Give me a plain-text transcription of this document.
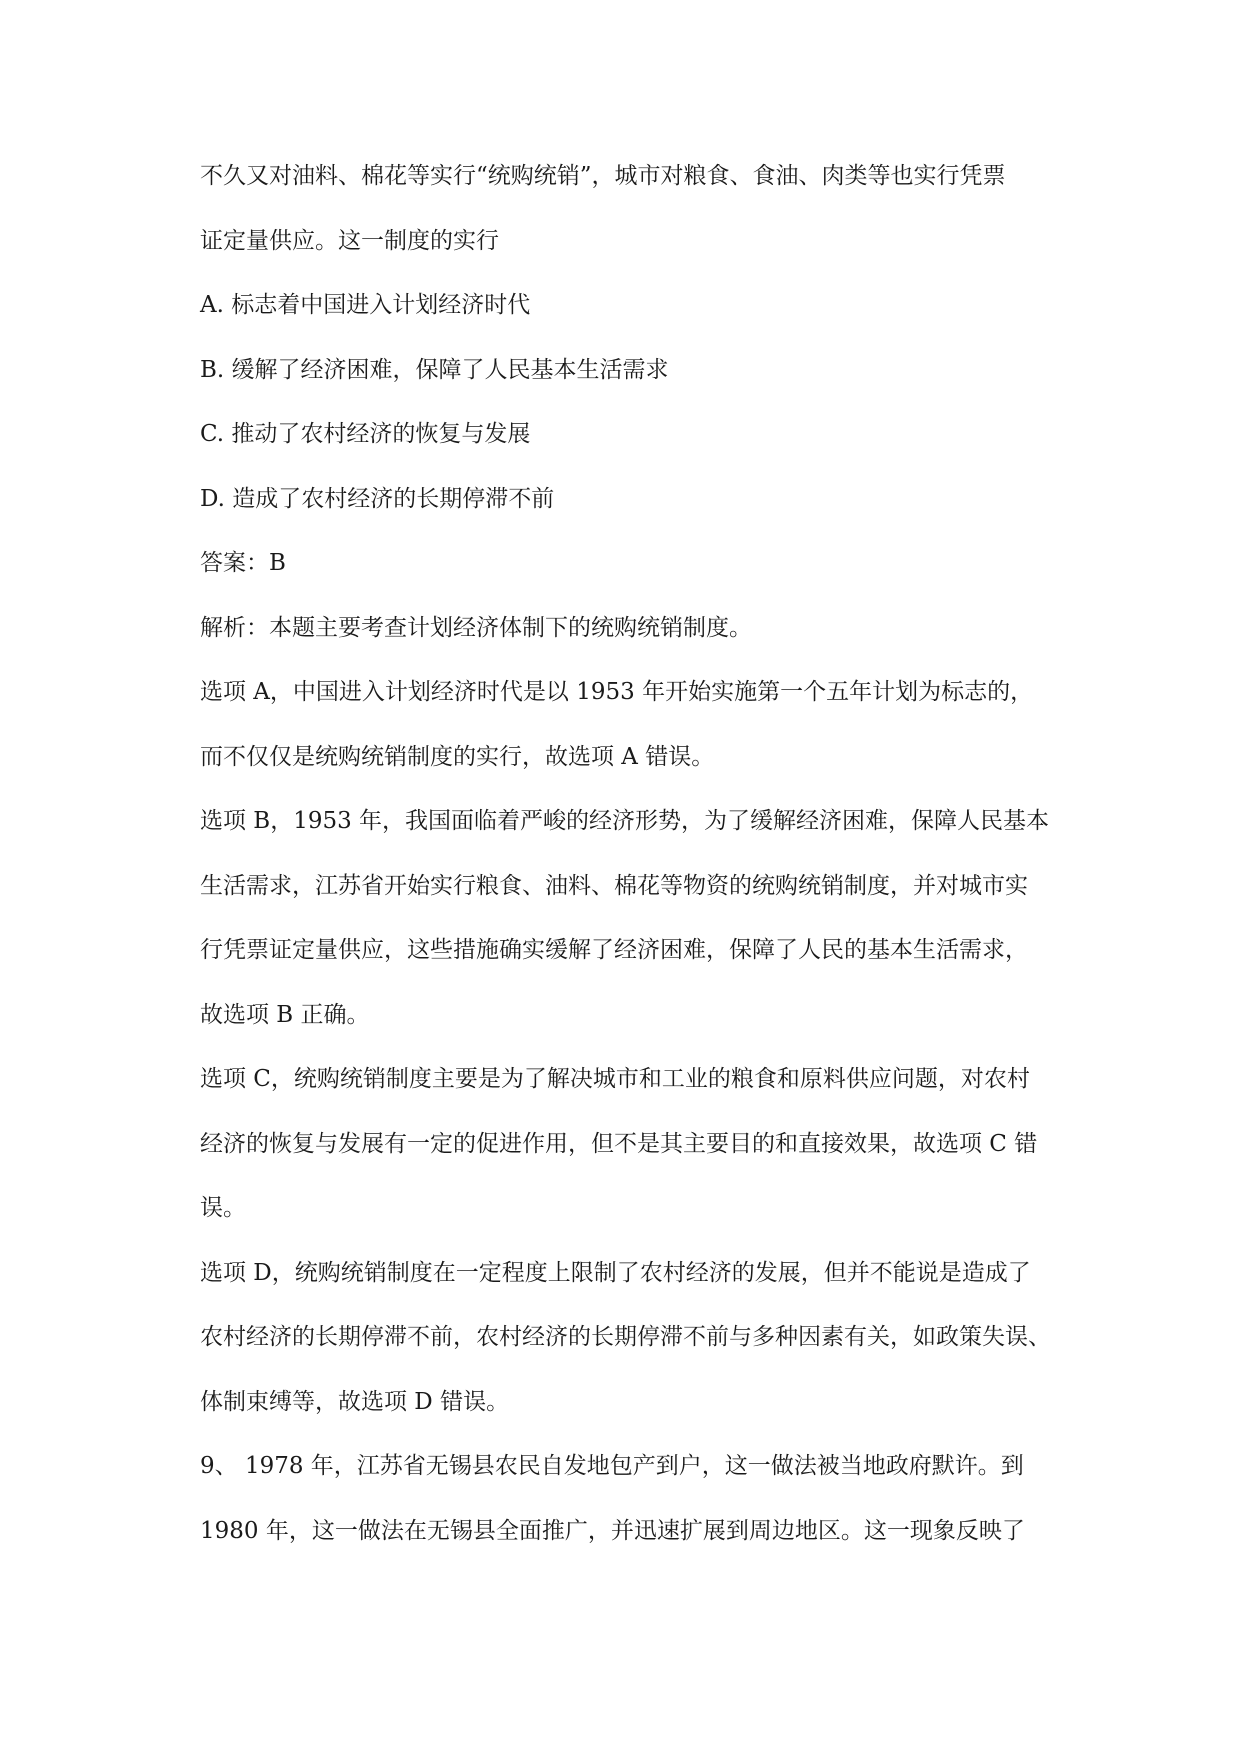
不久又对油料、棉花等实行“统购统销”，城市对粮食、食油、肉类等也实行凭票
证定量供应。这一制度的实行
A. 标志着中国进入计划经济时代
B. 缓解了经济困难，保障了人民基本生活需求
C. 推动了农村经济的恢复与发展
D. 造成了农村经济的长期停滞不前
答案：B
解析：本题主要考查计划经济体制下的统购统销制度。
选项 A，中国进入计划经济时代是以 1953 年开始实施第一个五年计划为标志的，
而不仅仅是统购统销制度的实行，故选项 A 错误。
选项 B，1953 年，我国面临着严峻的经济形势，为了缓解经济困难，保障人民基本
生活需求，江苏省开始实行粮食、油料、棉花等物资的统购统销制度，并对城市实
行凭票证定量供应，这些措施确实缓解了经济困难，保障了人民的基本生活需求，
故选项 B 正确。
选项 C，统购统销制度主要是为了解决城市和工业的粮食和原料供应问题，对农村
经济的恢复与发展有一定的促进作用，但不是其主要目的和直接效果，故选项 C 错
误。
选项 D，统购统销制度在一定程度上限制了农村经济的发展，但并不能说是造成了
农村经济的长期停滞不前，农村经济的长期停滞不前与多种因素有关，如政策失误、
体制束缚等，故选项 D 错误。
9、 1978 年，江苏省无锡县农民自发地包产到户，这一做法被当地政府默许。到
1980 年，这一做法在无锡县全面推广，并迅速扩展到周边地区。这一现象反映了
